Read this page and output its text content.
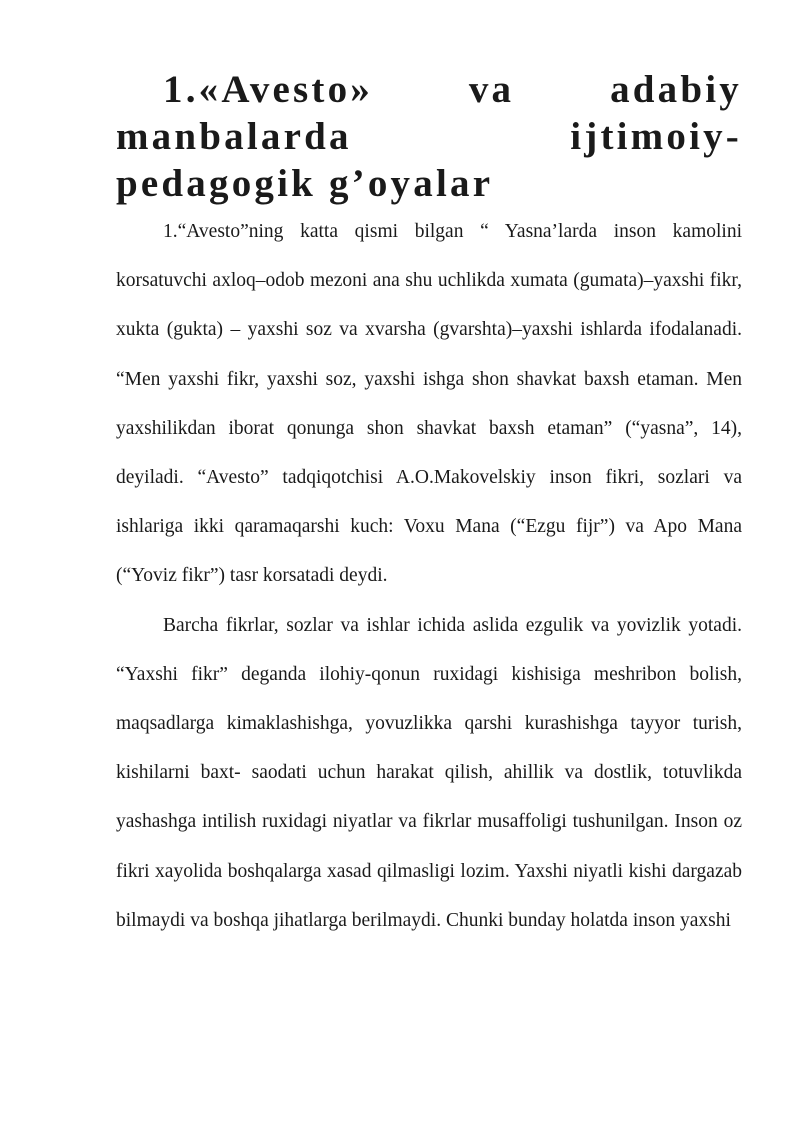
1.«Avesto» va adabiy manbalarda ijtimoiy-
pedagogik g’oyalar

1.“Avesto”ning katta qismi bilgan “ Yasna’larda inson kamolini korsatuvchi axloq–odob mezoni ana shu uchlikda xumata (gumata)–yaxshi fikr, xukta (gukta) – yaxshi soz va xvarsha (gvarshta)–yaxshi ishlarda ifodalanadi. “Men yaxshi fikr, yaxshi soz, yaxshi ishga shon shavkat baxsh etaman. Men yaxshilikdan iborat qonunga shon shavkat baxsh etaman” (“yasna”, 14), deyiladi. “Avesto” tadqiqotchisi A.O.Makovelskiy inson fikri, sozlari va ishlariga ikki qaramaqarshi kuch: Voxu Mana (“Ezgu fijr”) va Apo Mana (“Yoviz fikr”) tasr korsatadi deydi.

Barcha fikrlar, sozlar va ishlar ichida aslida ezgulik va yovizlik yotadi. “Yaxshi fikr” deganda ilohiy-qonun ruxidagi kishisiga meshribon bolish, maqsadlarga kimaklashishga, yovuzlikka qarshi kurashishga tayyor turish, kishilarni baxt- saodati uchun harakat qilish, ahillik va dostlik, totuvlikda yashashga intilish ruxidagi niyatlar va fikrlar musaffoligi tushunilgan. Inson oz fikri xayolida boshqalarga xasad qilmasligi lozim. Yaxshi niyatli kishi dargazab bilmaydi va boshqa jihatlarga berilmaydi. Chunki bunday holatda inson yaxshi
